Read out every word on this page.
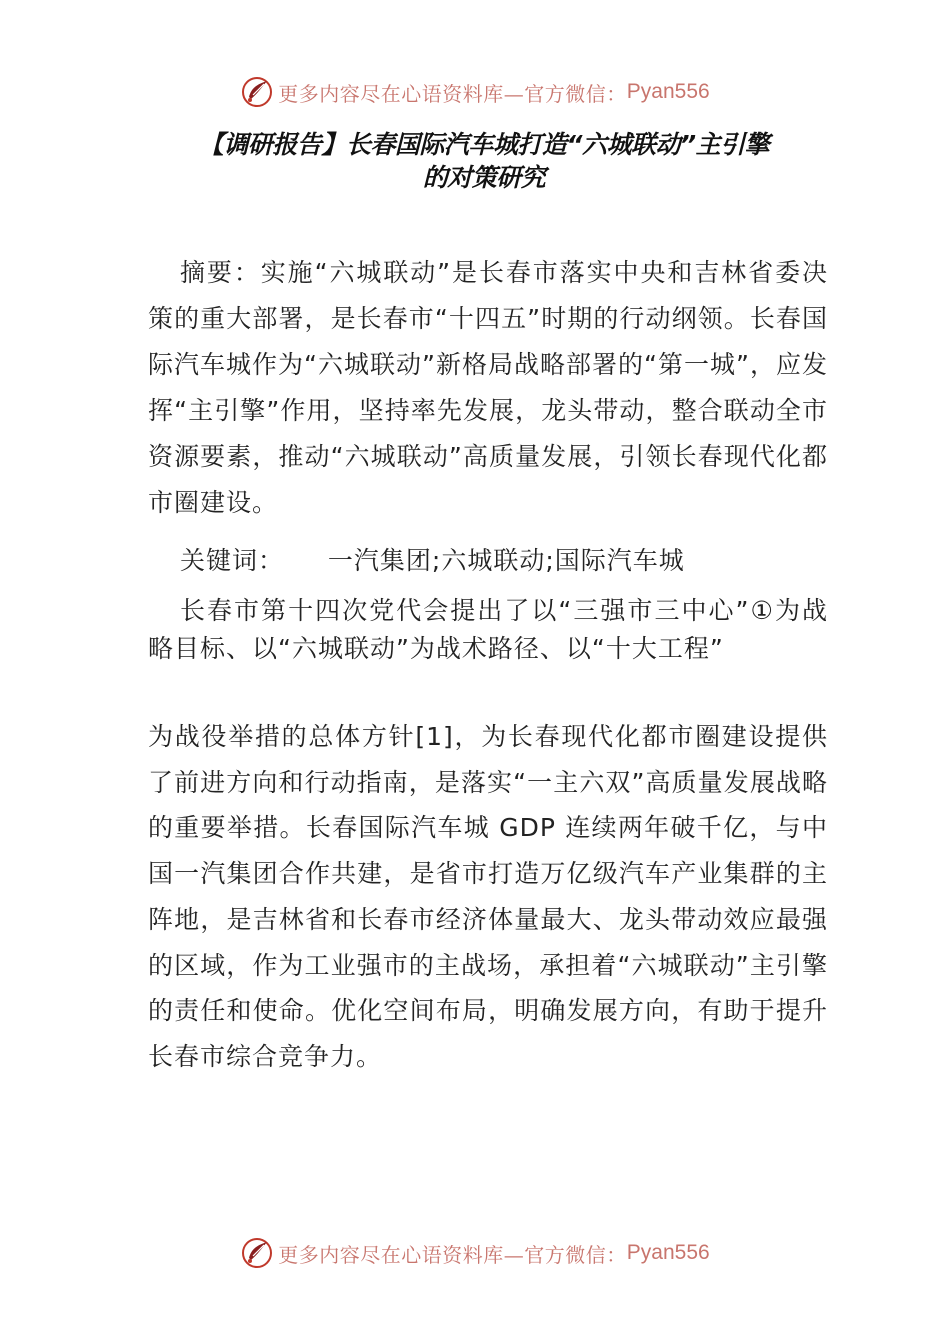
更多内容尽在心语资料库—官方微信： Pyan556
【调研报告】长春国际汽车城打造“六城联动”主引擎
的对策研究

摘要：实施“六城联动”是长春市落实中央和吉林省委决策的重大部署，是长春市“十四五”时期的行动纲领。长春国际汽车城作为“六城联动”新格局战略部署的“第一城”，应发挥“主引擎”作用，坚持率先发展，龙头带动，整合联动全市资源要素，推动“六城联动”高质量发展，引领长春现代化都市圈建设。

关键词： 一汽集团;六城联动;国际汽车城

长春市第十四次党代会提出了以“三强市三中心”①为战略目标、以“六城联动”为战术路径、以“十大工程”

为战役举措的总体方针[1]，为长春现代化都市圈建设提供了前进方向和行动指南，是落实“一主六双”高质量发展战略的重要举措。长春国际汽车城 GDP 连续两年破千亿，与中国一汽集团合作共建，是省市打造万亿级汽车产业集群的主阵地，是吉林省和长春市经济体量最大、龙头带动效应最强的区域，作为工业强市的主战场，承担着“六城联动”主引擎的责任和使命。优化空间布局，明确发展方向，有助于提升长春市综合竞争力。

更多内容尽在心语资料库—官方微信： Pyan556
